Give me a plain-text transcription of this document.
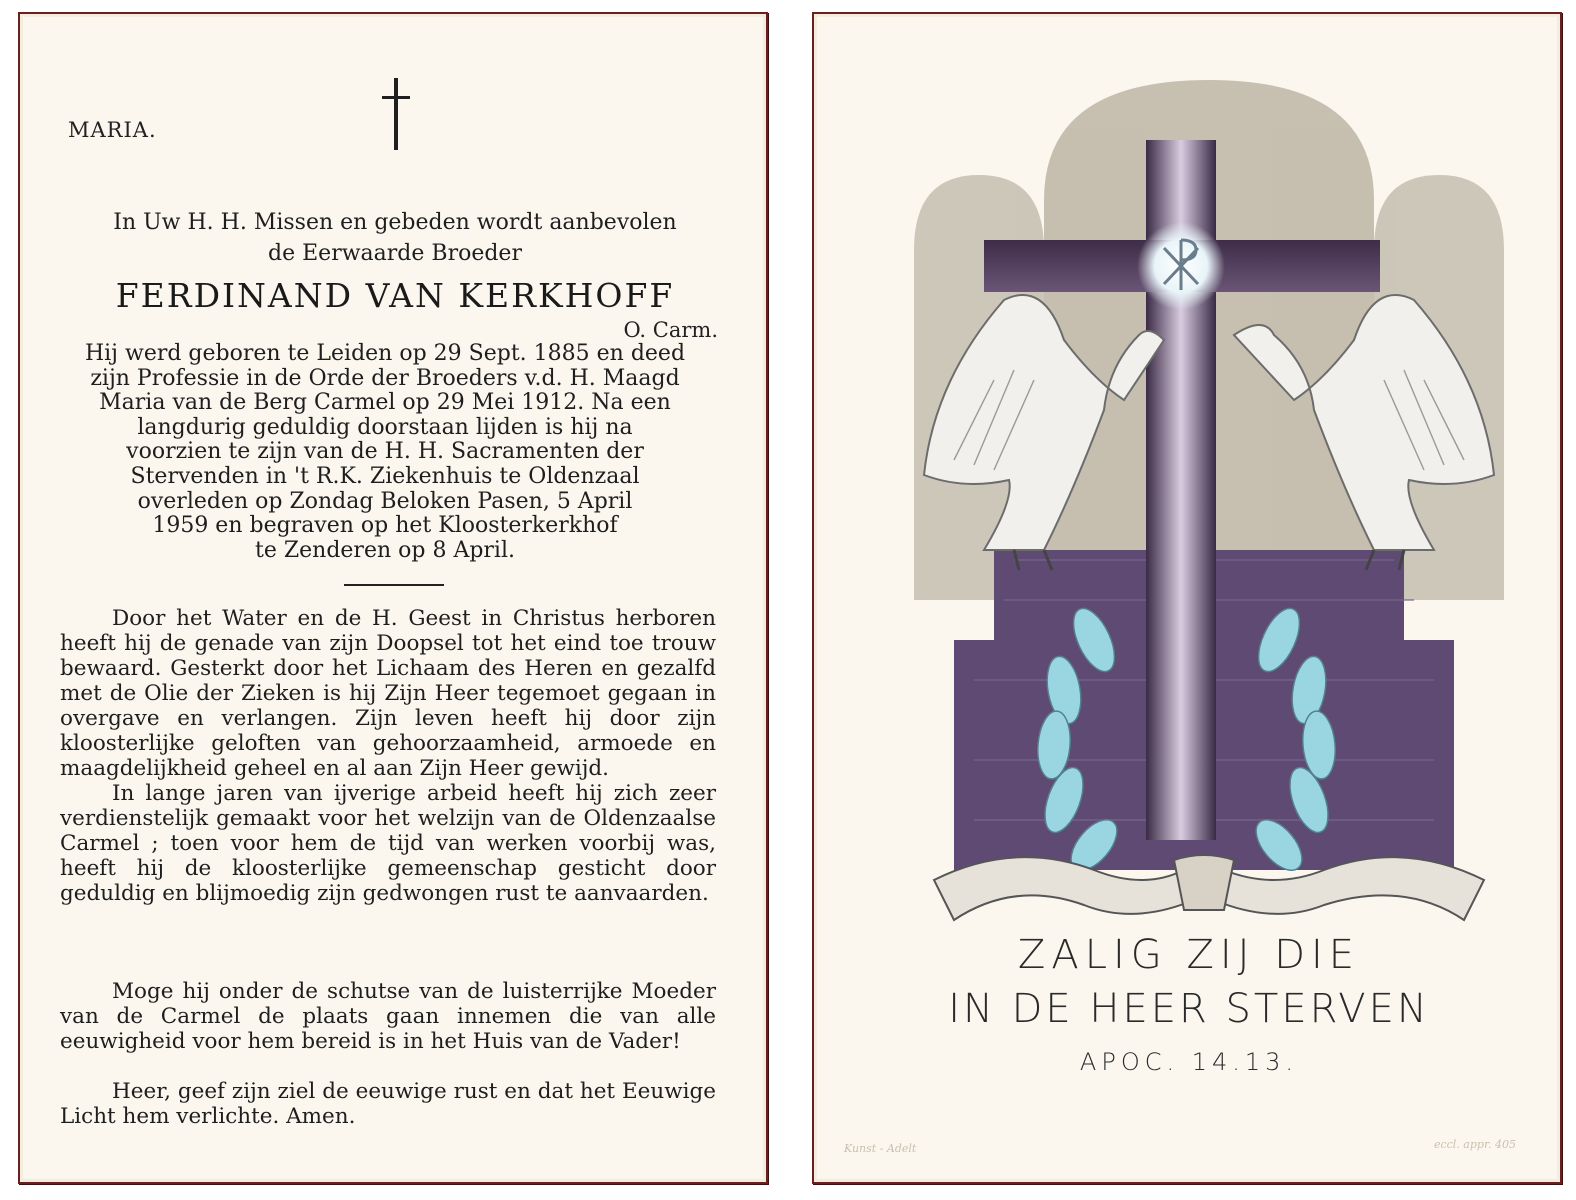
MARIA.
In Uw H. H. Missen en gebeden wordt aanbevolen
de Eerwaarde Broeder
FERDINAND VAN KERKHOFF
O. Carm.
Hij werd geboren te Leiden op 29 Sept. 1885 en deed
zijn Professie in de Orde der Broeders v.d. H. Maagd
Maria van de Berg Carmel op 29 Mei 1912. Na een
langdurig geduldig doorstaan lijden is hij na
voorzien te zijn van de H. H. Sacramenten der
Stervenden in 't R.K. Ziekenhuis te Oldenzaal
overleden op Zondag Beloken Pasen, 5 April
1959 en begraven op het Kloosterkerkhof
te Zenderen op 8 April.

Door het Water en de H. Geest in Christus herboren heeft hij de genade van zijn Doopsel tot het eind toe trouw bewaard. Gesterkt door het Lichaam des Heren en gezalfd met de Olie der Zieken is hij Zijn Heer tegemoet gegaan in overgave en verlangen. Zijn leven heeft hij door zijn kloosterlijke geloften van gehoorzaamheid, armoede en maagdelijkheid geheel en al aan Zijn Heer gewijd.

In lange jaren van ijverige arbeid heeft hij zich zeer verdienstelijk gemaakt voor het welzijn van de Oldenzaalse Carmel ; toen voor hem de tijd van werken voorbij was, heeft hij de kloosterlijke gemeenschap gesticht door geduldig en blijmoedig zijn gedwongen rust te aanvaarden.

Moge hij onder de schutse van de luisterrijke Moeder van de Carmel de plaats gaan innemen die van alle eeuwigheid voor hem bereid is in het Huis van de Vader!

Heer, geef zijn ziel de eeuwige rust en dat het Eeuwige Licht hem verlichte. Amen.

ZALIG ZIJ DIE
IN DE HEER STERVEN
APOC. 14.13.
Kunst - Adelt	eccl. appr. 405
